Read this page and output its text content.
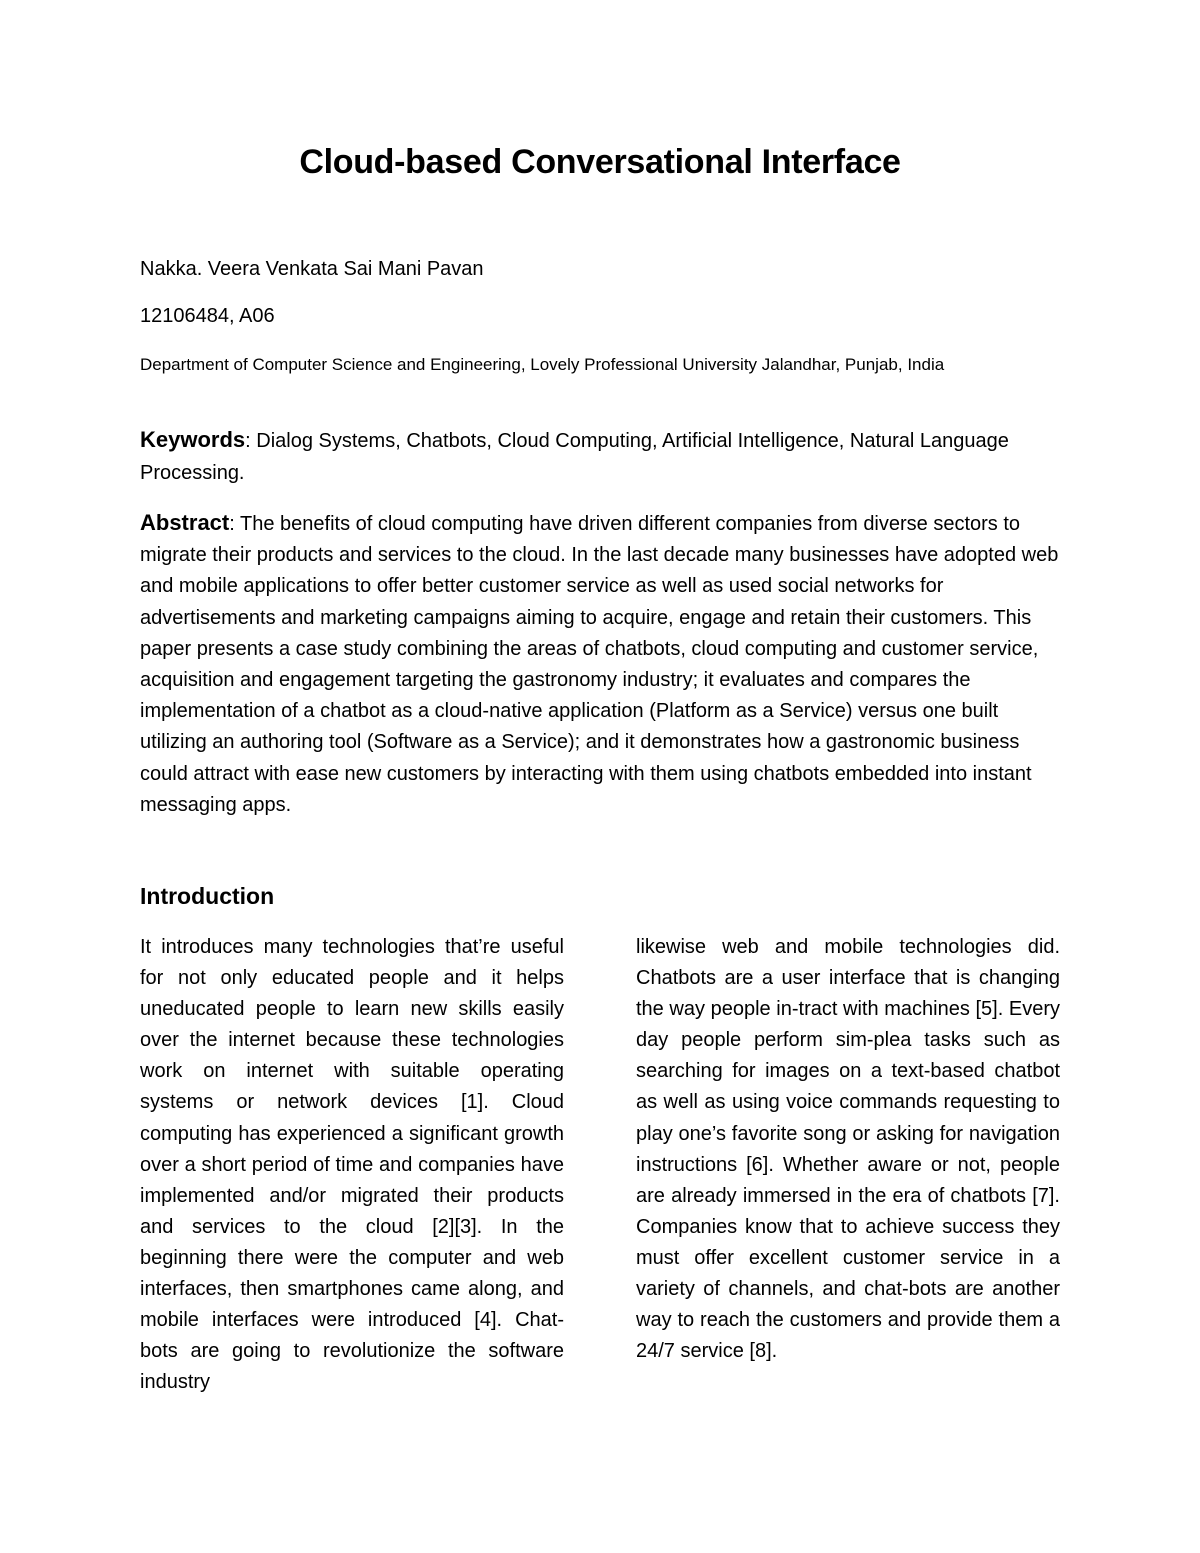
Cloud-based Conversational Interface

Nakka. Veera Venkata Sai Mani Pavan

12106484, A06

Department of Computer Science and Engineering, Lovely Professional University Jalandhar, Punjab, India

Keywords: Dialog Systems, Chatbots, Cloud Computing, Artificial Intelligence, Natural Language Processing.

Abstract: The benefits of cloud computing have driven different companies from diverse sectors to migrate their products and services to the cloud. In the last decade many businesses have adopted web and mobile applications to offer better customer service as well as used social networks for advertisements and marketing campaigns aiming to acquire, engage and retain their customers. This paper presents a case study combining the areas of chatbots, cloud computing and customer service, acquisition and engagement targeting the gastronomy industry; it evaluates and compares the implementation of a chatbot as a cloud-native application (Platform as a Service) versus one built utilizing an authoring tool (Software as a Service); and it demonstrates how a gastronomic business could attract with ease new customers by interacting with them using chatbots embedded into instant messaging apps.

Introduction

It introduces many technologies that’re useful for not only educated people and it helps uneducated people to learn new skills easily over the internet because these technologies work on internet with suitable operating systems or network devices [1]. Cloud computing has experienced a significant growth over a short period of time and companies have implemented and/or migrated their products and services to the cloud [2][3]. In the beginning there were the computer and web interfaces, then smartphones came along, and mobile interfaces were introduced [4]. Chat-bots are going to revolutionize the software industry

likewise web and mobile technologies did. Chatbots are a user interface that is changing the way people in-tract with machines [5]. Every day people perform sim-plea tasks such as searching for images on a text-based chatbot as well as using voice commands requesting to play one’s favorite song or asking for navigation instructions [6]. Whether aware or not, people are already immersed in the era of chatbots [7]. Companies know that to achieve success they must offer excellent customer service in a variety of channels, and chat-bots are another way to reach the customers and provide them a 24/7 service [8].
